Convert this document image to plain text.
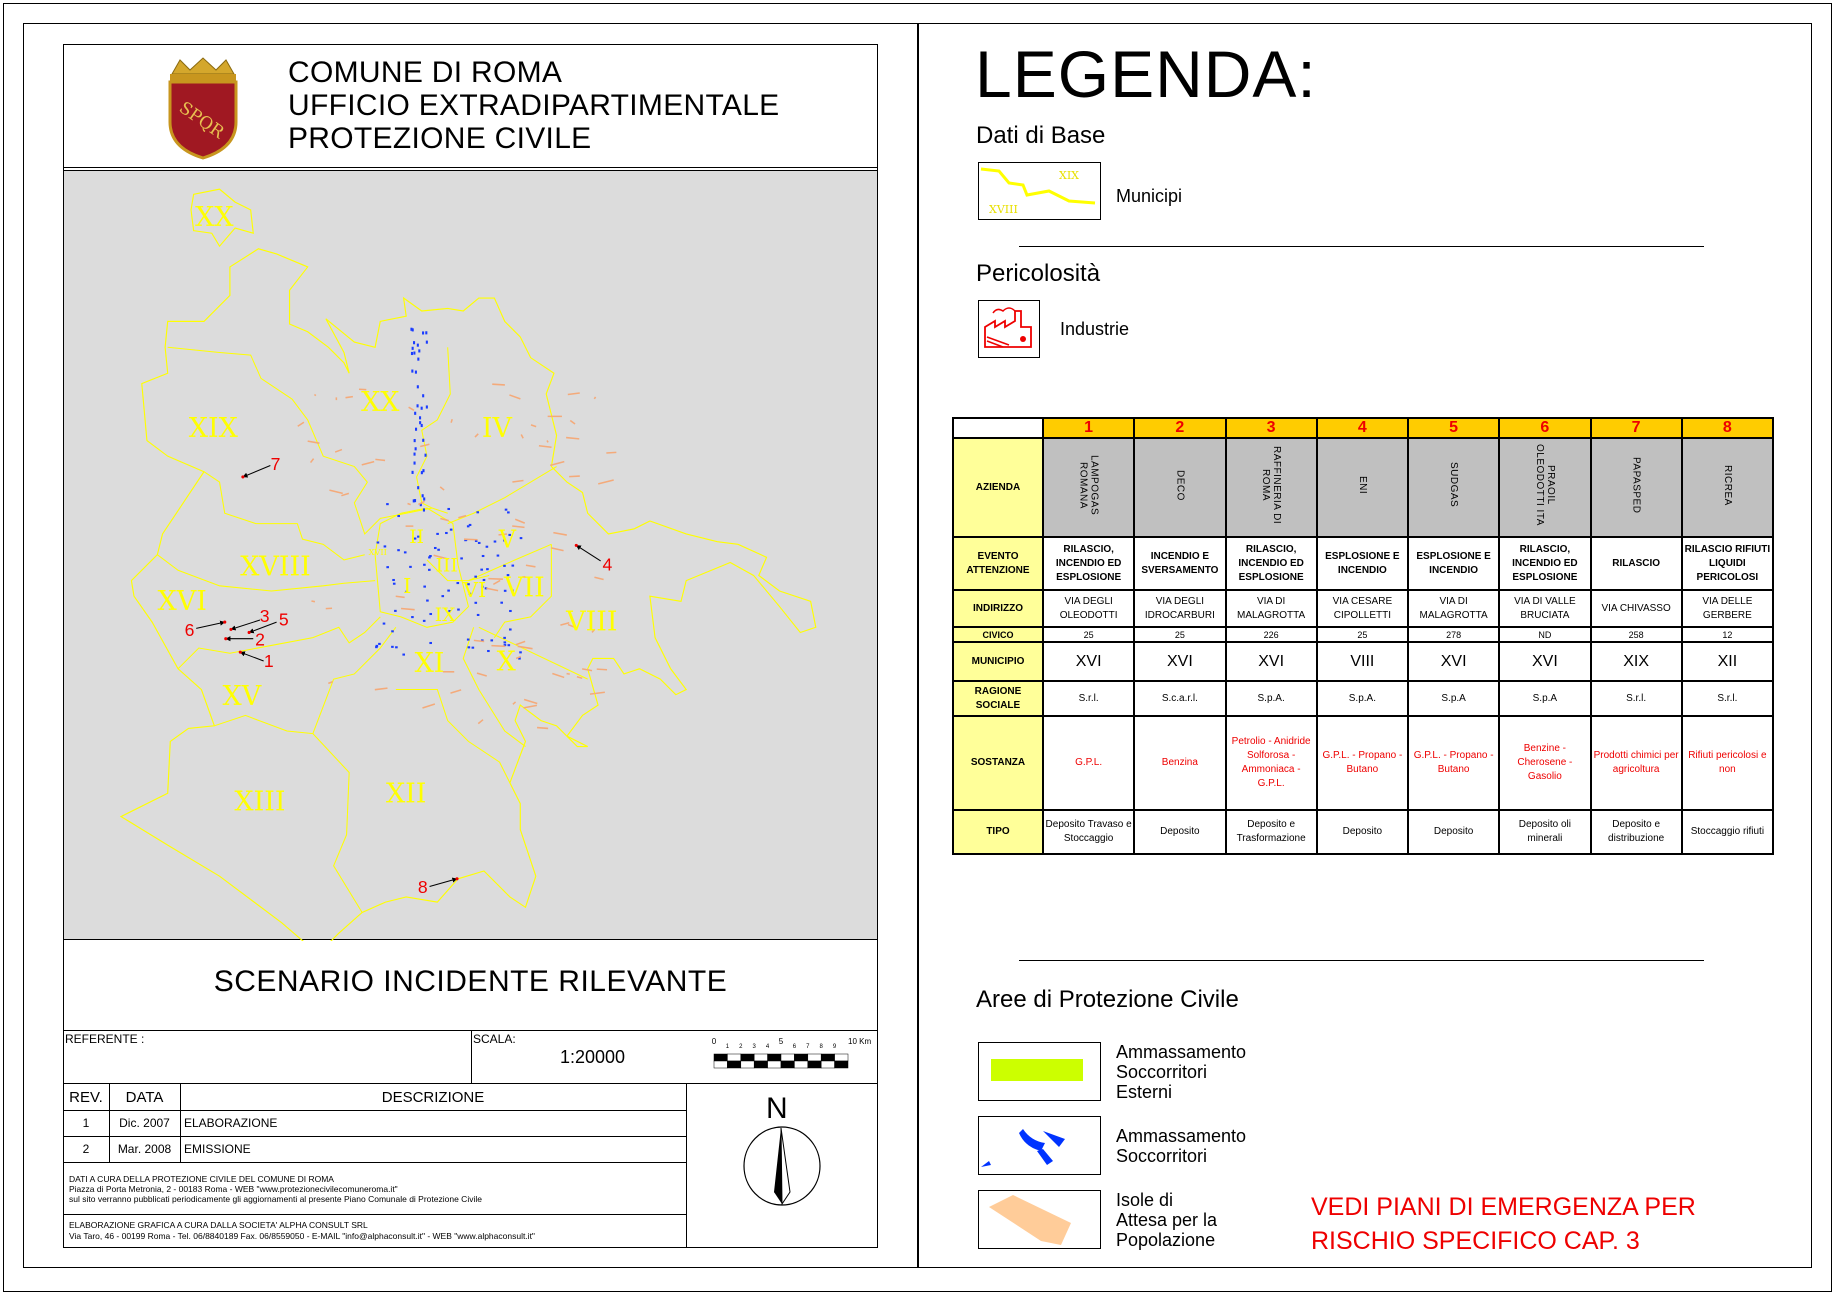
SPQR
COMUNE DI ROMA
UFFICIO EXTRADIPARTIMENTALE
PROTEZIONE CIVILE
XX
XIX
XX
IV
XVIII
XVI
XVII
II
III
I
V
VI VII
VIII
IX
X
XI
XV
XIII XII
1
2
3
4
5
6
7
8
SCENARIO INCIDENTE RILEVANTE
REFERENTE :	SCALA:
1:20000
0
1 2 3 4
5
6 7 8 9
10 Km
REV.	DATA	DESCRIZIONE
1	Dic. 2007	ELABORAZIONE
2	Mar. 2008	EMISSIONE
DATI A CURA DELLA PROTEZIONE CIVILE DEL COMUNE DI ROMA
Piazza di Porta Metronia, 2 - 00183 Roma - WEB "www.protezionecivilecomuneroma.it"
sul sito verranno pubblicati periodicamente gli aggiornamenti al presente Piano Comunale di Protezione Civile
ELABORAZIONE GRAFICA A CURA DALLA SOCIETA' ALPHA CONSULT SRL
Via Taro, 46 - 00199 Roma - Tel. 06/8840189 Fax. 06/8559050 - E-MAIL "info@alphaconsult.it" - WEB "www.alphaconsult.it"
N
LEGENDA:
Dati di Base
XIX
XVIII
Municipi
Pericolosità
Industrie
	1	2	3	4	5	6	7	8
AZIENDA	LAMPOGAS ROMANA	DECO	RAFFINERIA DI ROMA	ENI	SUDGAS	PRAOIL OLEODOTTI ITA	PAPASPED	RICREA
EVENTO ATTENZIONE	RILASCIO, INCENDIO ED ESPLOSIONE	INCENDIO E SVERSAMENTO	RILASCIO, INCENDIO ED ESPLOSIONE	ESPLOSIONE E INCENDIO	ESPLOSIONE E INCENDIO	RILASCIO, INCENDIO ED ESPLOSIONE	RILASCIO	RILASCIO RIFIUTI LIQUIDI PERICOLOSI
INDIRIZZO	VIA DEGLI OLEODOTTI	VIA DEGLI IDROCARBURI	VIA DI MALAGROTTA	VIA CESARE CIPOLLETTI	VIA DI MALAGROTTA	VIA DI VALLE BRUCIATA	VIA CHIVASSO	VIA DELLE GERBERE
CIVICO	25	25	226	25	278	ND	258	12
MUNICIPIO	XVI	XVI	XVI	VIII	XVI	XVI	XIX	XII
RAGIONE SOCIALE	S.r.l.	S.c.a.r.l.	S.p.A.	S.p.A.	S.p.A	S.p.A	S.r.l.	S.r.l.
SOSTANZA	G.P.L.	Benzina	Petrolio - Anidride Solforosa - Ammoniaca - G.P.L.	G.P.L. - Propano - Butano	G.P.L. - Propano - Butano	Benzine - Cherosene - Gasolio	Prodotti chimici per agricoltura	Rifiuti pericolosi e non
TIPO	Deposito Travaso e Stoccaggio	Deposito	Deposito e Trasformazione	Deposito	Deposito	Deposito oli minerali	Deposito e distribuzione	Stoccaggio rifiuti
Aree di Protezione Civile
Ammassamento Soccorritori Esterni
Ammassamento Soccorritori
Isole di Attesa per la Popolazione
VEDI PIANI DI EMERGENZA PER
RISCHIO SPECIFICO CAP. 3
